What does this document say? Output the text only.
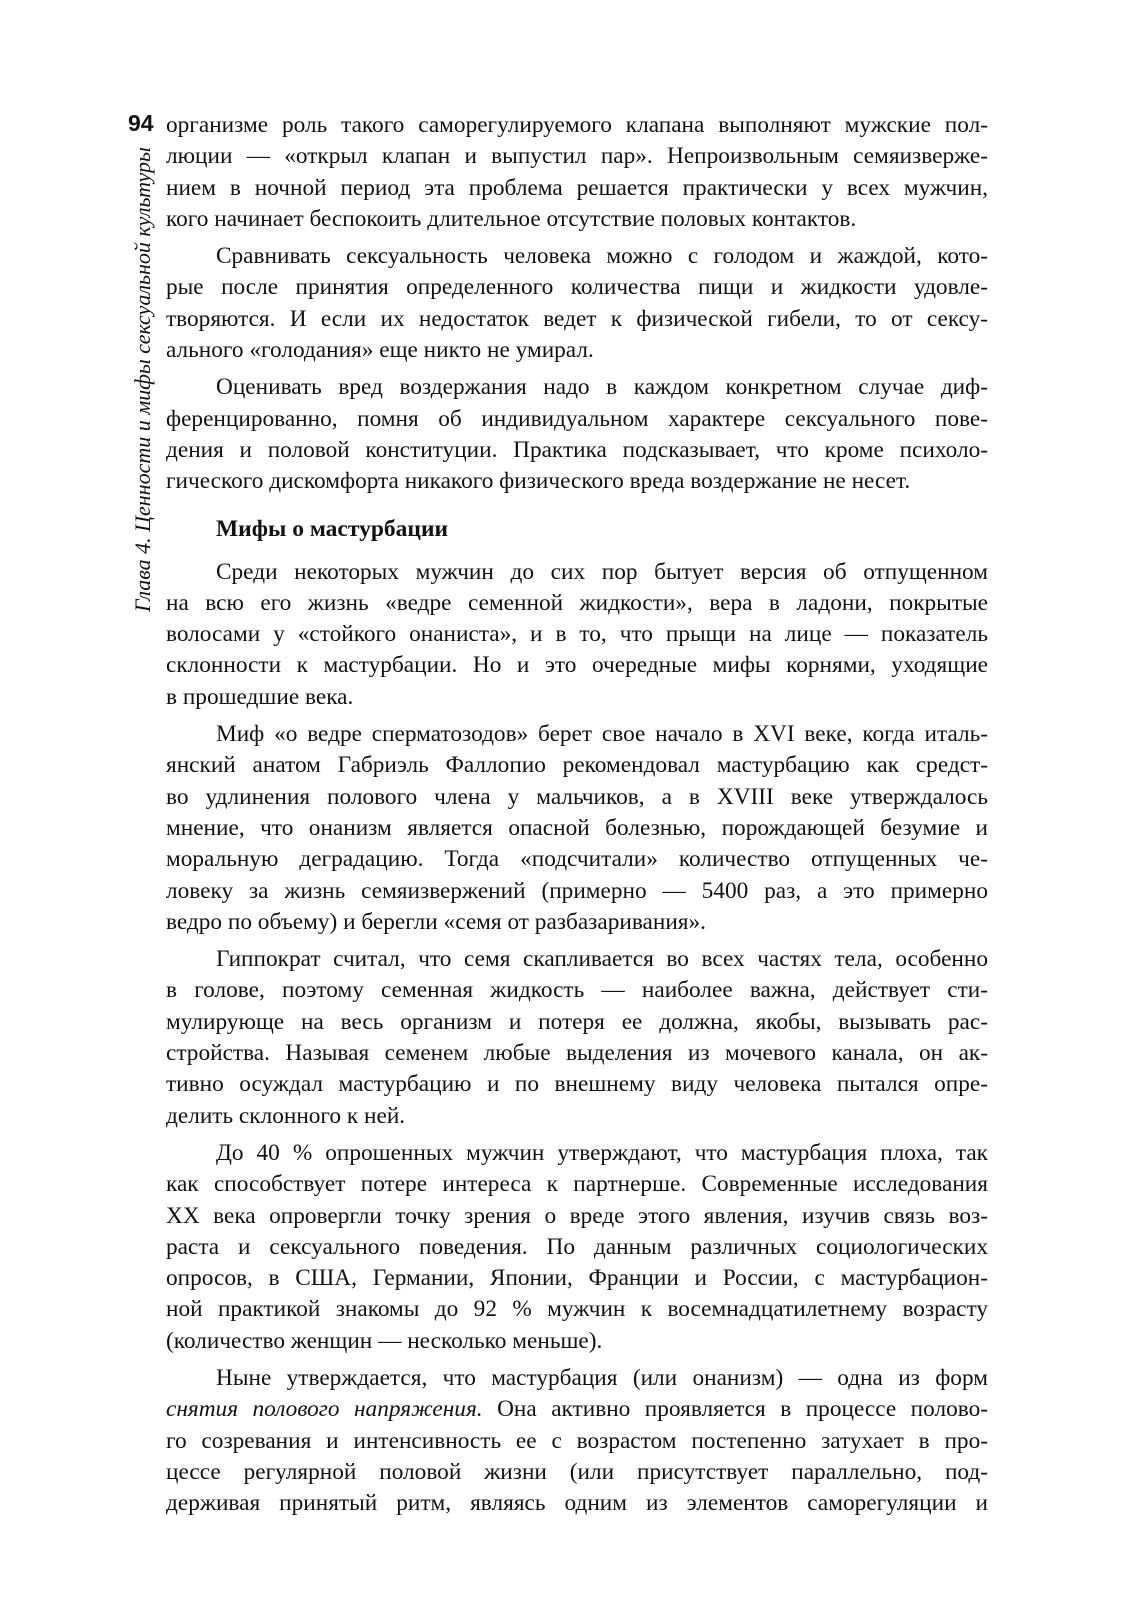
94
Глава 4. Ценности и мифы сексуальной культуры
организме роль такого саморегулируемого клапана выполняют мужские пол-
люции — «открыл клапан и выпустил пар». Непроизвольным семяизверже-
нием в ночной период эта проблема решается практически у всех мужчин,
кого начинает беспокоить длительное отсутствие половых контактов.
Сравнивать сексуальность человека можно с голодом и жаждой, кото-
рые после принятия определенного количества пищи и жидкости удовле-
творяются. И если их недостаток ведет к физической гибели, то от сексу-
ального «голодания» еще никто не умирал.
Оценивать вред воздержания надо в каждом конкретном случае диф-
ференцированно, помня об индивидуальном характере сексуального пове-
дения и половой конституции. Практика подсказывает, что кроме психоло-
гического дискомфорта никакого физического вреда воздержание не несет.
Мифы о мастурбации
Среди некоторых мужчин до сих пор бытует версия об отпущенном
на всю его жизнь «ведре семенной жидкости», вера в ладони, покрытые
волосами у «стойкого онаниста», и в то, что прыщи на лице — показатель
склонности к мастурбации. Но и это очередные мифы корнями, уходящие
в прошедшие века.
Миф «о ведре сперматозодов» берет свое начало в XVI веке, когда италь-
янский анатом Габриэль Фаллопио рекомендовал мастурбацию как средст-
во удлинения полового члена у мальчиков, а в XVIII веке утверждалось
мнение, что онанизм является опасной болезнью, порождающей безумие и
моральную деградацию. Тогда «подсчитали» количество отпущенных че-
ловеку за жизнь семяизвержений (примерно — 5400 раз, а это примерно
ведро по объему) и берегли «семя от разбазаривания».
Гиппократ считал, что семя скапливается во всех частях тела, особенно
в голове, поэтому семенная жидкость — наиболее важна, действует сти-
мулирующе на весь организм и потеря ее должна, якобы, вызывать рас-
стройства. Называя семенем любые выделения из мочевого канала, он ак-
тивно осуждал мастурбацию и по внешнему виду человека пытался опре-
делить склонного к ней.
До 40 % опрошенных мужчин утверждают, что мастурбация плоха, так
как способствует потере интереса к партнерше. Современные исследования
XX века опровергли точку зрения о вреде этого явления, изучив связь воз-
раста и сексуального поведения. По данным различных социологических
опросов, в США, Германии, Японии, Франции и России, с мастурбацион-
ной практикой знакомы до 92 % мужчин к восемнадцатилетнему возрасту
(количество женщин — несколько меньше).
Ныне утверждается, что мастурбация (или онанизм) — одна из форм
снятия полового напряжения. Она активно проявляется в процессе полово-
го созревания и интенсивность ее с возрастом постепенно затухает в про-
цессе регулярной половой жизни (или присутствует параллельно, под-
держивая принятый ритм, являясь одним из элементов саморегуляции и
